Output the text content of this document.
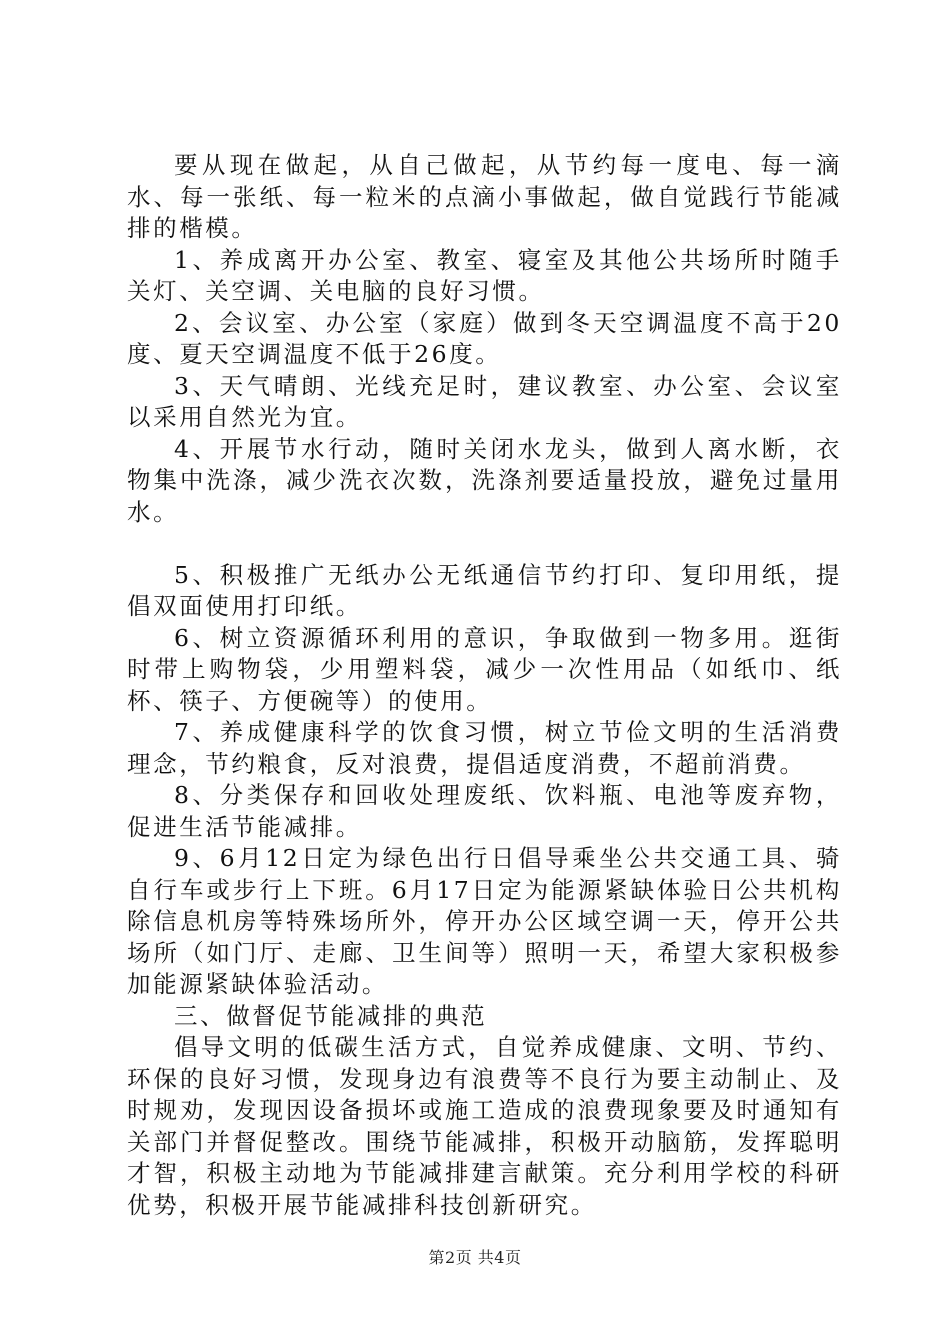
要从现在做起，从自己做起，从节约每一度电、每一滴水、每一张纸、每一粒米的点滴小事做起，做自觉践行节能减排的楷模。

1、养成离开办公室、教室、寝室及其他公共场所时随手关灯、关空调、关电脑的良好习惯。

2、会议室、办公室（家庭）做到冬天空调温度不高于20度、夏天空调温度不低于26度。

3、天气晴朗、光线充足时，建议教室、办公室、会议室以采用自然光为宜。

4、开展节水行动，随时关闭水龙头，做到人离水断，衣物集中洗涤，减少洗衣次数，洗涤剂要适量投放，避免过量用水。

5、积极推广无纸办公无纸通信节约打印、复印用纸，提倡双面使用打印纸。

6、树立资源循环利用的意识，争取做到一物多用。逛街时带上购物袋，少用塑料袋，减少一次性用品（如纸巾、纸杯、筷子、方便碗等）的使用。

7、养成健康科学的饮食习惯，树立节俭文明的生活消费理念，节约粮食，反对浪费，提倡适度消费，不超前消费。

8、分类保存和回收处理废纸、饮料瓶、电池等废弃物，促进生活节能减排。

9、6月12日定为绿色出行日倡导乘坐公共交通工具、骑自行车或步行上下班。6月17日定为能源紧缺体验日公共机构除信息机房等特殊场所外，停开办公区域空调一天，停开公共场所（如门厅、走廊、卫生间等）照明一天，希望大家积极参加能源紧缺体验活动。

三、做督促节能减排的典范

倡导文明的低碳生活方式，自觉养成健康、文明、节约、环保的良好习惯，发现身边有浪费等不良行为要主动制止、及时规劝，发现因设备损坏或施工造成的浪费现象要及时通知有关部门并督促整改。围绕节能减排，积极开动脑筋，发挥聪明才智，积极主动地为节能减排建言献策。充分利用学校的科研优势，积极开展节能减排科技创新研究。

第2页 共4页
